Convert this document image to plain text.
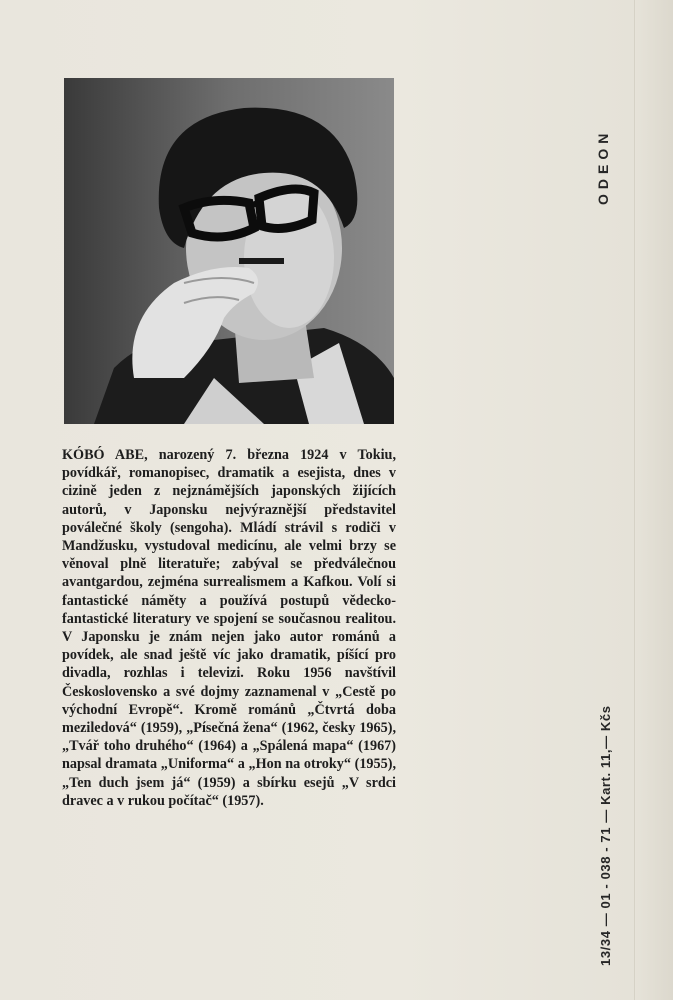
KÓBÓ ABE, narozený 7. března 1924 v Tokiu, povídkář, romanopisec, dramatik a esejista, dnes v cizině jeden z nejznámějších japonských žijících autorů, v Japonsku nejvýraznější představitel poválečné školy (sengoha). Mládí strávil s rodiči v Mandžusku, vystudoval medicínu, ale velmi brzy se věnoval plně literatuře; zabýval se předválečnou avantgardou, zejména surrealismem a Kafkou. Volí si fantastické náměty a používá postupů vědecko-fantastické literatury ve spojení se současnou realitou. V Japonsku je znám nejen jako autor románů a povídek, ale snad ještě víc jako dramatik, píšící pro divadla, rozhlas i televizi. Roku 1956 navštívil Československo a své dojmy zaznamenal v „Cestě po východní Evropě“. Kromě románů „Čtvrtá doba meziledová“ (1959), „Písečná žena“ (1962, česky 1965), „Tvář toho druhého“ (1964) a „Spálená mapa“ (1967) napsal dramata „Uniforma“ a „Hon na otroky“ (1955), „Ten duch jsem já“ (1959) a sbírku esejů „V srdci dravec a v rukou počítač“ (1957).

ODEON
13/34 — 01 - 038 - 71 — Kart. 11,— Kčs
